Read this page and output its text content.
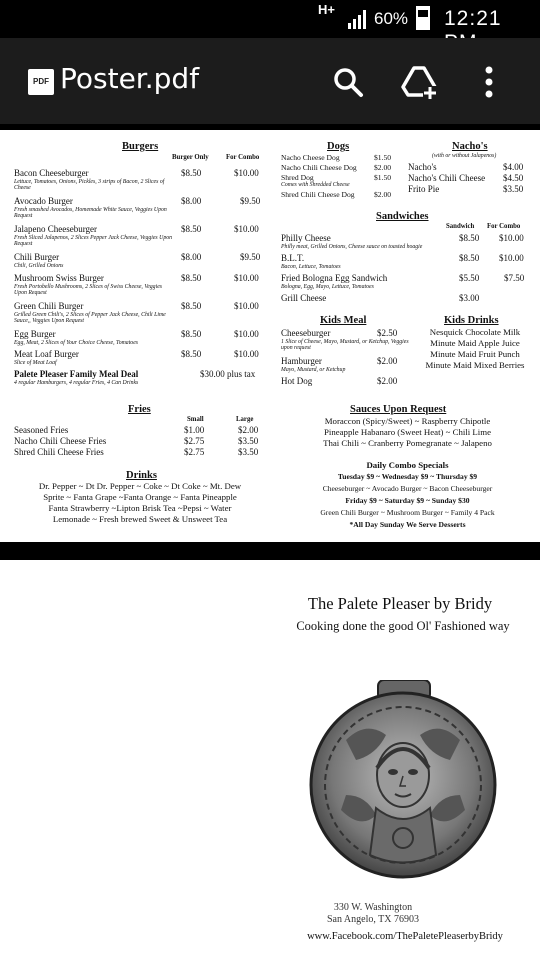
H+ 60% 12:21
PDF Poster.pdf
Burgers
Burger Only	For Combo
Bacon Cheeseburger	$8.50	$10.00
Lettuce, Tomatoes, Onions, Pickles, 3 strips of Bacon, 2 Slices of Cheese
Avocado Burger	$8.00	$9.50
Fresh smashed Avocados, Homemade White Sauce, Veggies Upon Request
Jalapeno Cheeseburger	$8.50	$10.00
Fresh Sliced Jalapenos, 2 Slices Pepper Jack Cheese, Veggies Upon Request
Chili Burger	$8.00	$9.50
Chili, Grilled Onions
Mushroom Swiss Burger	$8.50	$10.00
Fresh Portobello Mushrooms, 2 Slices of Swiss Cheese, Veggies Upon Request
Green Chili Burger	$8.50	$10.00
Grilled Green Chili's, 2 Slices of Pepper Jack Cheese, Chili Lime Sauce,, Veggies Upon Request
Egg Burger	$8.50	$10.00
Egg, Meat, 2 Slices of Your Choice Cheese, Tomatoes
Meat Loaf Burger	$8.50	$10.00
Slice of Meat Loaf
Palete Pleaser Family Meal Deal	$30.00 plus tax
4 regular Hamburgers, 4 regular Fries, 4 Can Drinks
Fries
Small	Large
Seasoned Fries	$1.00	$2.00
Nacho Chili Cheese Fries	$2.75	$3.50
Shred Chili Cheese Fries	$2.75	$3.50
Drinks
Dr. Pepper ~ Dt Dr. Pepper ~ Coke ~ Dt Coke ~ Mt. Dew
Sprite ~ Fanta Grape ~Fanta Orange ~ Fanta Pineapple
Fanta Strawberry ~Lipton Brisk Tea ~Pepsi ~ Water
Lemonade ~ Fresh brewed Sweet & Unsweet Tea
Dogs
Nacho Cheese Dog	$1.50
Nacho Chili Cheese Dog $2.00
Shred Dog	$1.50
Comes with Shredded Cheese
Shred Chili Cheese Dog	$2.00
Nacho's
(with or without Jalapenos)
Nacho's	$4.00
Nacho's Chili Cheese $4.50
Frito Pie	$3.50
Sandwiches
Sandwich For Combo
Philly Cheese	$8.50 $10.00
Philly meat, Grilled Onions, Cheese sauce on toasted hoagie
B.L.T.	$8.50 $10.00
Bacon, Lettuce, Tomatoes
Fried Bologna Egg Sandwich	$5.50	$7.50
Bologna, Egg, Mayo, Lettuce, Tomatoes
Grill Cheese	$3.00
Kids Meal
Cheeseburger	$2.50
1 Slice of Cheese, Mayo, Mustard, or Ketchup, Veggies upon request
Hamburger	$2.00
Mayo, Mustard, or Ketchup
Hot Dog	$2.00
Kids Drinks
Nesquick Chocolate Milk
Minute Maid Apple Juice
Minute Maid Fruit Punch
Minute Maid Mixed Berries
Sauces Upon Request
Moraccon (Spicy/Sweet) ~ Raspberry Chipotle
Pineapple Habanaro (Sweet Heat) ~ Chili Lime
Thai Chili ~ Cranberry Pomegranate ~ Jalapeno
Daily Combo Specials
Tuesday $9 ~ Wednesday $9 ~ Thursday $9
Cheeseburger ~ Avocado Burger ~ Bacon Cheeseburger
Friday $9 ~ Saturday $9 ~ Sunday $30
Green Chili Burger ~ Mushroom Burger ~ Family 4 Pack
*All Day Sunday We Serve Desserts
The Palete Pleaser by Bridy
Cooking done the good Ol' Fashioned way
330 W. Washington
San Angelo, TX 76903
www.Facebook.com/ThePaletePleaserbyBridy
